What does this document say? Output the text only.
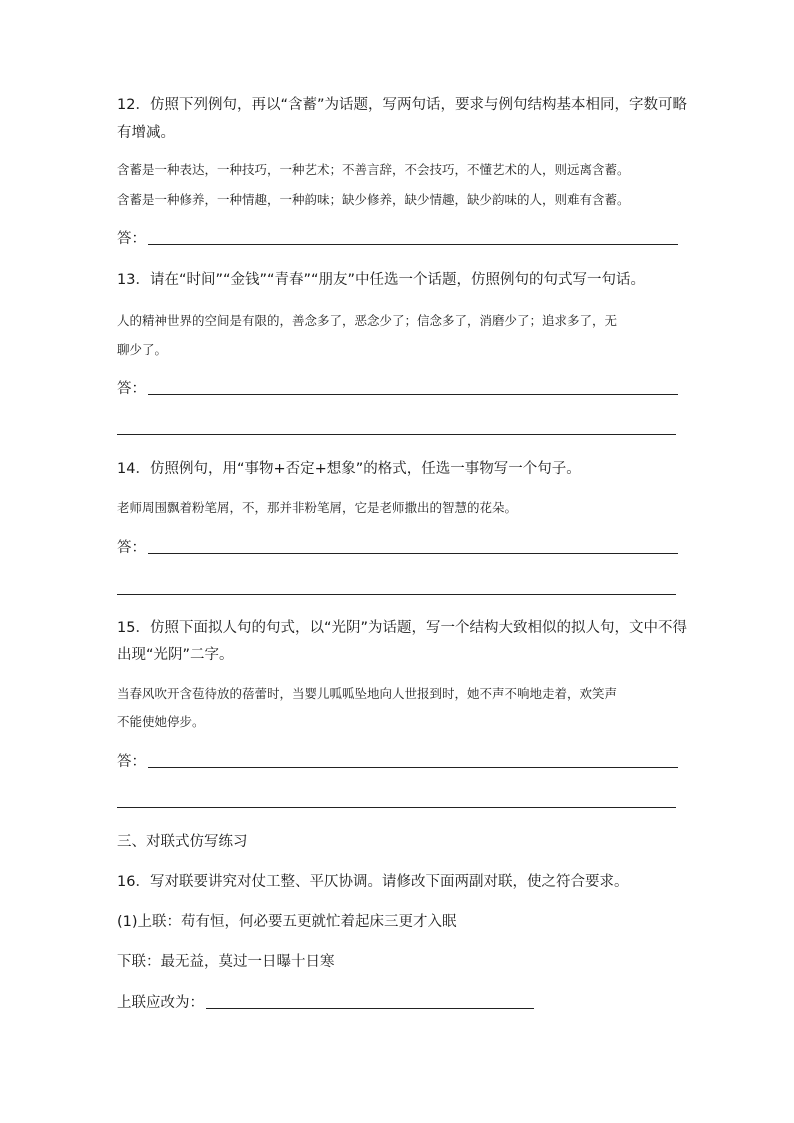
12．仿照下列例句，再以“含蓄”为话题，写两句话，要求与例句结构基本相同，字数可略
有增减。
含蓄是一种表达，一种技巧，一种艺术；不善言辞，不会技巧，不懂艺术的人，则远离含蓄。
含蓄是一种修养，一种情趣，一种韵味；缺少修养，缺少情趣，缺少韵味的人，则难有含蓄。
答：
13．请在“时间”“金钱”“青春”“朋友”中任选一个话题，仿照例句的句式写一句话。
人的精神世界的空间是有限的，善念多了，恶念少了；信念多了，消磨少了；追求多了，无
聊少了。
答：
14．仿照例句，用“事物+否定+想象”的格式，任选一事物写一个句子。
老师周围飘着粉笔屑，不，那并非粉笔屑，它是老师撒出的智慧的花朵。
答：
15．仿照下面拟人句的句式，以“光阴”为话题，写一个结构大致相似的拟人句，文中不得
出现“光阴”二字。
当春风吹开含苞待放的蓓蕾时，当婴儿呱呱坠地向人世报到时，她不声不响地走着，欢笑声
不能使她停步。
答：
三、对联式仿写练习
16．写对联要讲究对仗工整、平仄协调。请修改下面两副对联，使之符合要求。
(1)上联：苟有恒，何必要五更就忙着起床三更才入眠
下联：最无益，莫过一日曝十日寒
上联应改为：
